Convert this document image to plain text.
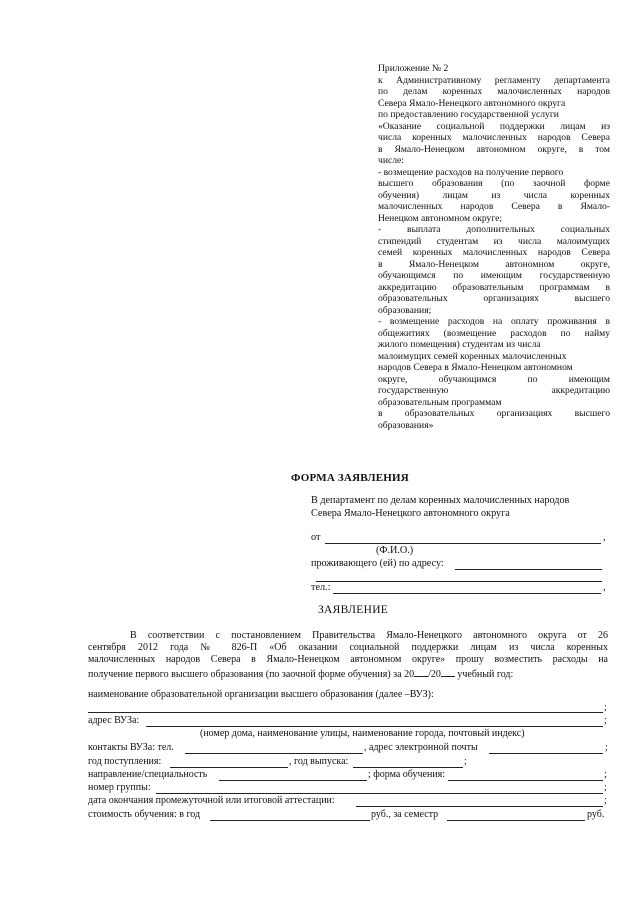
Приложение № 2

к Административному регламенту департамента

по делам коренных малочисленных народов

Севера Ямало-Ненецкого автономного округа

по предоставлению государственной услуги

«Оказание социальной поддержки лицам из

числа коренных малочисленных народов Севера

в Ямало-Ненецком автономном округе, в том

числе:

- возмещение расходов на получение первого

высшего образования (по заочной форме

обучения) лицам из числа коренных

малочисленных народов Севера в Ямало-

Ненецком автономном округе;

- выплата дополнительных социальных

стипендий студентам из числа малоимущих

семей коренных малочисленных народов Севера

в Ямало-Ненецком автономном округе,

обучающимся по имеющим государственную

аккредитацию образовательным программам в

образовательных организациях высшего

образования;

- возмещение расходов на оплату проживания в

общежитиях (возмещение расходов по найму

жилого помещения) студентам из числа

малоимущих семей коренных малочисленных

народов Севера в Ямало-Ненецком автономном

округе, обучающимся по имеющим

государственную аккредитацию

образовательным программам

в образовательных организациях высшего

образования»

ФОРМА ЗАЯВЛЕНИЯ
В департамент по делам коренных малочисленных народов
Севера Ямало-Ненецкого автономного округа
от	,
(Ф.И.О.)
проживающего (ей) по адресу:
тел.:	,
ЗАЯВЛЕНИЕ

В соответствии с постановлением Правительства Ямало-Ненецкого автономного округа от 26

сентября 2012 года № 826-П «Об оказании социальной поддержки лицам из числа коренных

малочисленных народов Севера в Ямало-Ненецком автономном округе» прошу возместить расходы на

получение первого высшего образования (по заочной форме обучения) за 20 /20 учебный год:

наименование образовательной организации высшего образования (далее –ВУЗ):
;
адрес ВУЗа:	;
(номер дома, наименование улицы, наименование города, почтовый индекс)
контакты ВУЗа: тел.	, адрес электронной почты	;
год поступления:	, год выпуска:	;
направление/специальность	; форма обучения:	;
номер группы:	;
дата окончания промежуточной или итоговой аттестации:	;
стоимость обучения: в год	руб., за семестр	руб.
